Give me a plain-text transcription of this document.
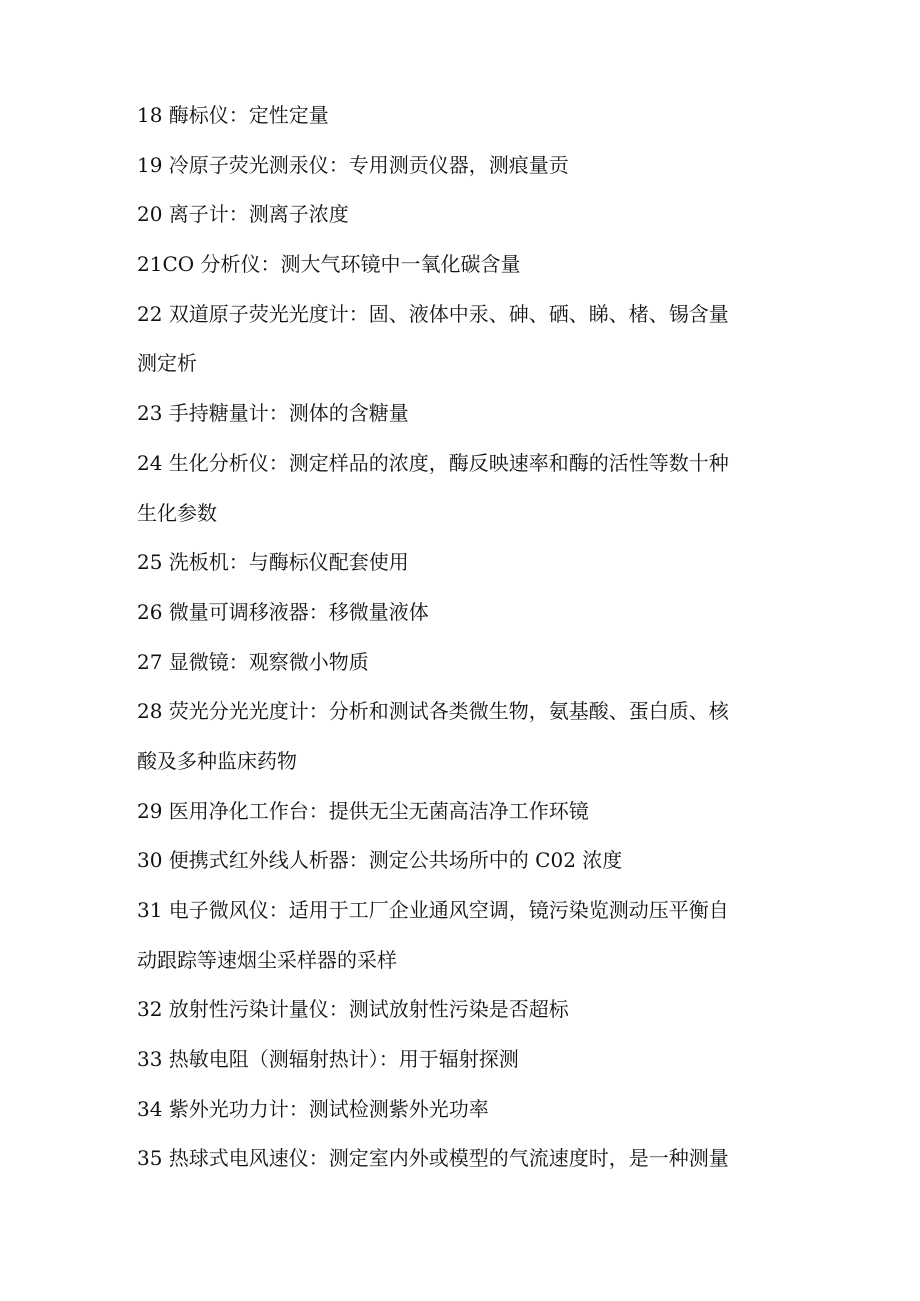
18 酶标仪：定性定量
19 冷原子荧光测汞仪：专用测贡仪器，测痕量贡
20 离子计：测离子浓度
21CO 分析仪：测大气环镜中一氧化碳含量
22 双道原子荧光光度计：固、液体中汞、砷、硒、睇、楮、锡含量
测定析
23 手持糖量计：测体的含糖量
24 生化分析仪：测定样品的浓度，酶反映速率和酶的活性等数十种
生化参数
25 洗板机：与酶标仪配套使用
26 微量可调移液器：移微量液体
27 显微镜：观察微小物质
28 荧光分光光度计：分析和测试各类微生物，氨基酸、蛋白质、核
酸及多种监床药物
29 医用净化工作台：提供无尘无菌高洁净工作环镜
30 便携式红外线人析器：测定公共场所中的 C02 浓度
31 电子微风仪：适用于工厂企业通风空调，镜污染览测动压平衡自
动跟踪等速烟尘采样器的采样
32 放射性污染计量仪：测试放射性污染是否超标
33 热敏电阻（测辐射热计）：用于辐射探测
34 紫外光功力计：测试检测紫外光功率
35 热球式电风速仪：测定室内外或模型的气流速度时，是一种测量
